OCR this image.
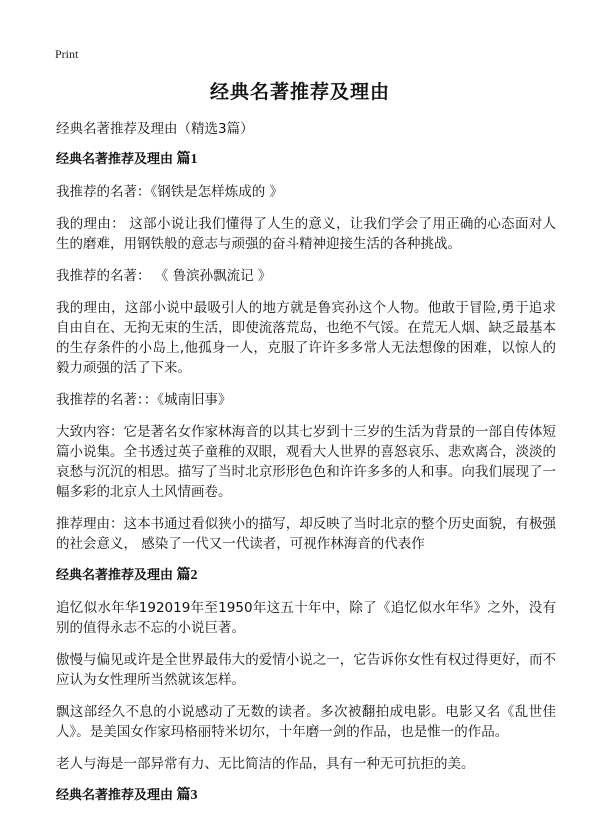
Print
经典名著推荐及理由

经典名著推荐及理由（精选3篇）

经典名著推荐及理由 篇1

我推荐的名著：《钢铁是怎样炼成的 》

我的理由： 这部小说让我们懂得了人生的意义，让我们学会了用正确的心态面对人生的磨难，用钢铁般的意志与顽强的奋斗精神迎接生活的各种挑战。

我推荐的名著： 《 鲁滨孙飘流记 》

我的理由，这部小说中最吸引人的地方就是鲁宾孙这个人物。他敢于冒险,勇于追求自由自在、无拘无束的生活，即使流落荒岛，也绝不气馁。在荒无人烟、缺乏最基本的生存条件的小岛上,他孤身一人，克服了许许多多常人无法想像的困难，以惊人的毅力顽强的活了下来。

我推荐的名著：：《城南旧事》

大致内容：它是著名女作家林海音的以其七岁到十三岁的生活为背景的一部自传体短篇小说集。全书透过英子童稚的双眼，观看大人世界的喜怒哀乐、悲欢离合，淡淡的哀愁与沉沉的相思。描写了当时北京形形色色和许许多多的人和事。向我们展现了一幅多彩的北京人土风情画卷。

推荐理由：这本书通过看似狭小的描写，却反映了当时北京的整个历史面貌，有极强的社会意义， 感染了一代又一代读者，可视作林海音的代表作

经典名著推荐及理由 篇2

追忆似水年华192019年至1950年这五十年中，除了《追忆似水年华》之外，没有别的值得永志不忘的小说巨著。

傲慢与偏见或许是全世界最伟大的爱情小说之一，它告诉你女性有权过得更好，而不应认为女性理所当然就该怎样。

飘这部经久不息的小说感动了无数的读者。多次被翻拍成电影。电影又名《乱世佳人》。是美国女作家玛格丽特米切尔，十年磨一剑的作品，也是惟一的作品。

老人与海是一部异常有力、无比简洁的作品，具有一种无可抗拒的美。

经典名著推荐及理由 篇3
